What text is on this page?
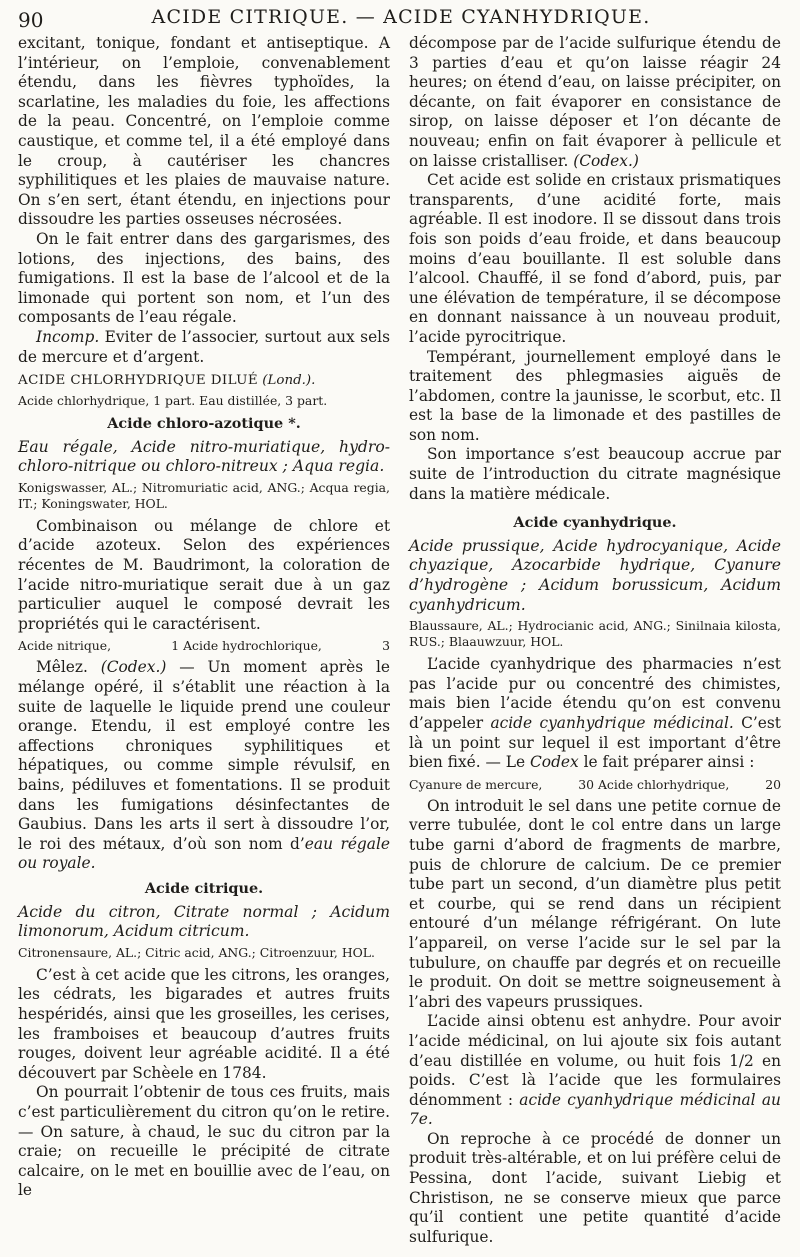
90	ACIDE CITRIQUE. — ACIDE CYANHYDRIQUE.

excitant, tonique, fondant et antiseptique. A l’intérieur, on l’emploie, convenablement étendu, dans les fièvres typhoïdes, la scarlatine, les maladies du foie, les affections de la peau. Concentré, on l’emploie comme caustique, et comme tel, il a été employé dans le croup, à cautériser les chancres syphilitiques et les plaies de mauvaise nature. On s’en sert, étant étendu, en injections pour dissoudre les parties osseuses nécrosées.

On le fait entrer dans des gargarismes, des lotions, des injections, des bains, des fumigations. Il est la base de l’alcool et de la limonade qui portent son nom, et l’un des composants de l’eau régale.

Incomp. Eviter de l’associer, surtout aux sels de mercure et d’argent.

ACIDE CHLORHYDRIQUE DILUÉ (Lond.).
Acide chlorhydrique, 1 part. Eau distillée, 3 part.
Acide chloro-azotique *.
Eau régale, Acide nitro-muriatique, hydro-chloro-nitrique ou chloro-nitreux ; Aqua regia.
Konigswasser, AL.; Nitromuriatic acid, ANG.; Acqua regia, IT.; Koningswater, HOL.

Combinaison ou mélange de chlore et d’acide azoteux. Selon des expériences récentes de M. Baudrimont, la coloration de l’acide nitro-muriatique serait due à un gaz particulier auquel le composé devrait les propriétés qui le caractérisent.

Acide nitrique,	1 Acide hydrochlorique,	3

Mêlez. (Codex.) — Un moment après le mélange opéré, il s’établit une réaction à la suite de laquelle le liquide prend une couleur orange. Etendu, il est employé contre les affections chroniques syphilitiques et hépatiques, ou comme simple révulsif, en bains, pédiluves et fomentations. Il se produit dans les fumigations désinfectantes de Gaubius. Dans les arts il sert à dissoudre l’or, le roi des métaux, d’où son nom d’eau régale ou royale.

Acide citrique.
Acide du citron, Citrate normal ; Acidum limonorum, Acidum citricum.
Citronensaure, AL.; Citric acid, ANG.; Citroenzuur, HOL.

C’est à cet acide que les citrons, les oranges, les cédrats, les bigarades et autres fruits hespéridés, ainsi que les groseilles, les cerises, les framboises et beaucoup d’autres fruits rouges, doivent leur agréable acidité. Il a été découvert par Schèele en 1784.

On pourrait l’obtenir de tous ces fruits, mais c’est particulièrement du citron qu’on le retire. — On sature, à chaud, le suc du citron par la craie; on recueille le précipité de citrate calcaire, on le met en bouillie avec de l’eau, on le

décompose par de l’acide sulfurique étendu de 3 parties d’eau et qu’on laisse réagir 24 heures; on étend d’eau, on laisse précipiter, on décante, on fait évaporer en consistance de sirop, on laisse déposer et l’on décante de nouveau; enfin on fait évaporer à pellicule et on laisse cristalliser. (Codex.)

Cet acide est solide en cristaux prismatiques transparents, d’une acidité forte, mais agréable. Il est inodore. Il se dissout dans trois fois son poids d’eau froide, et dans beaucoup moins d’eau bouillante. Il est soluble dans l’alcool. Chauffé, il se fond d’abord, puis, par une élévation de température, il se décompose en donnant naissance à un nouveau produit, l’acide pyrocitrique.

Tempérant, journellement employé dans le traitement des phlegmasies aiguës de l’abdomen, contre la jaunisse, le scorbut, etc. Il est la base de la limonade et des pastilles de son nom.

Son importance s’est beaucoup accrue par suite de l’introduction du citrate magnésique dans la matière médicale.

Acide cyanhydrique.
Acide prussique, Acide hydrocyanique, Acide chyazique, Azocarbide hydrique, Cyanure d’hydrogène ; Acidum borussicum, Acidum cyanhydricum.
Blaussaure, AL.; Hydrocianic acid, ANG.; Sinilnaia kilosta, RUS.; Blaauwzuur, HOL.

L’acide cyanhydrique des pharmacies n’est pas l’acide pur ou concentré des chimistes, mais bien l’acide étendu qu’on est convenu d’appeler acide cyanhydrique médicinal. C’est là un point sur lequel il est important d’être bien fixé. — Le Codex le fait préparer ainsi :

Cyanure de mercure,	30 Acide chlorhydrique,	20

On introduit le sel dans une petite cornue de verre tubulée, dont le col entre dans un large tube garni d’abord de fragments de marbre, puis de chlorure de calcium. De ce premier tube part un second, d’un diamètre plus petit et courbe, qui se rend dans un récipient entouré d’un mélange réfrigérant. On lute l’appareil, on verse l’acide sur le sel par la tubulure, on chauffe par degrés et on recueille le produit. On doit se mettre soigneusement à l’abri des vapeurs prussiques.

L’acide ainsi obtenu est anhydre. Pour avoir l’acide médicinal, on lui ajoute six fois autant d’eau distillée en volume, ou huit fois 1/2 en poids. C’est là l’acide que les formulaires dénomment : acide cyanhydrique médicinal au 7e.

On reproche à ce procédé de donner un produit très-altérable, et on lui préfère celui de Pessina, dont l’acide, suivant Liebig et Christison, ne se conserve mieux que parce qu’il contient une petite quantité d’acide sulfurique.
